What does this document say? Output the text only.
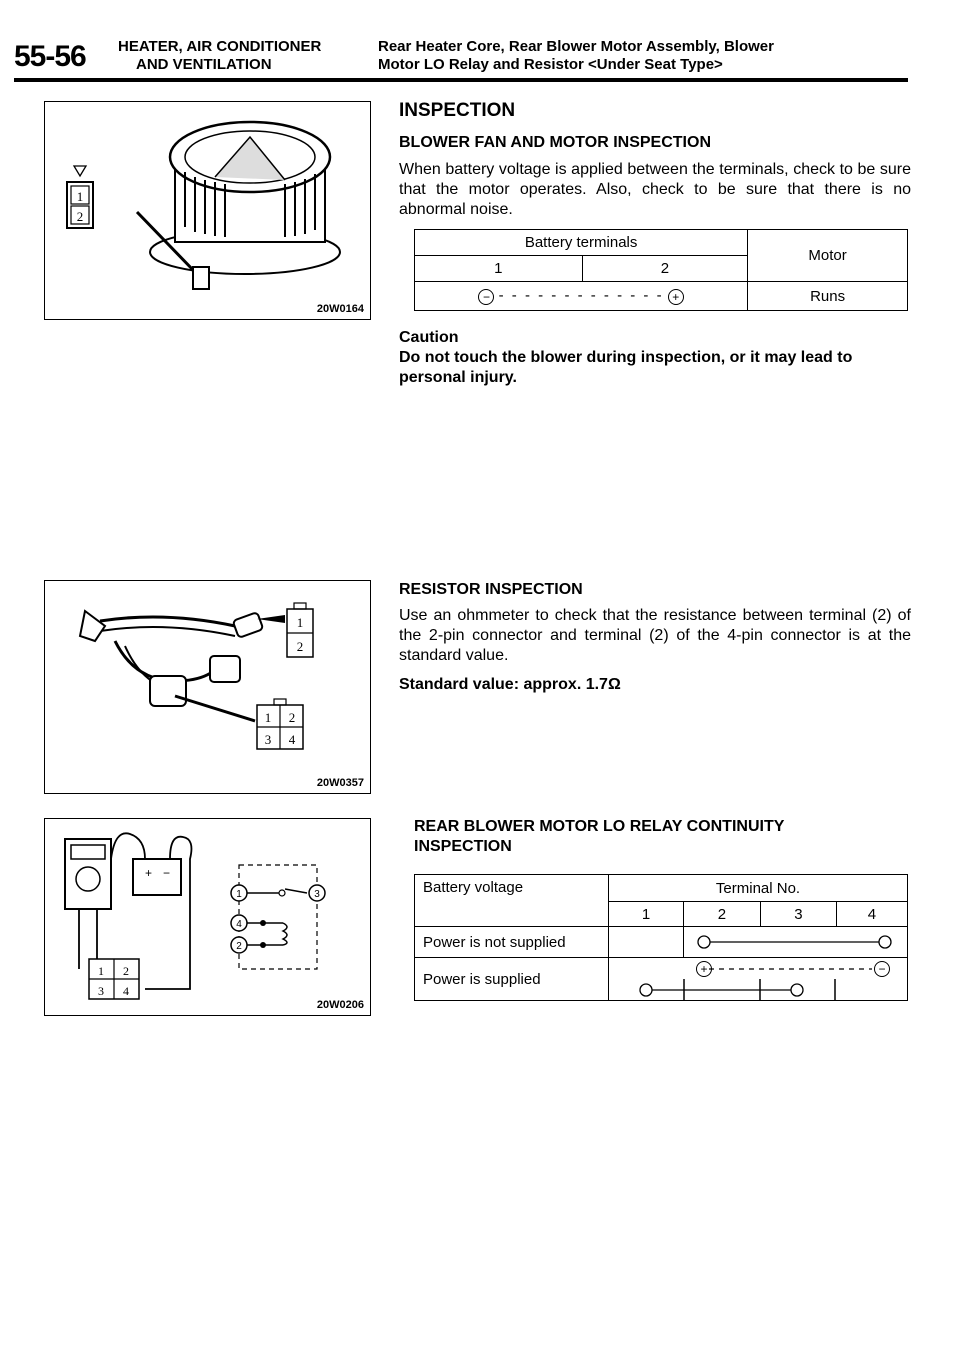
55-56 HEATER, AIR CONDITIONER
AND VENTILATION
Rear Heater Core, Rear Blower Motor Assembly, Blower
Motor LO Relay and Resistor <Under Seat Type>
1
2
20W0164
1
2
1 2
3 4
20W0357
+ −
1 2
3 4
1	3
4
2
20W0206
INSPECTION
BLOWER FAN AND MOTOR INSPECTION

When battery voltage is applied between the terminals, check to be sure that the motor operates. Also, check to be sure that there is no abnormal noise.

Battery terminals		Motor
1	2	
− - - - - - - - - - - - - - +		Runs
Caution

Do not touch the blower during inspection, or it may lead to personal injury.

RESISTOR INSPECTION

Use an ohmmeter to check that the resistance between terminal (2) of the 2-pin connector and terminal (2) of the 4-pin connector is at the standard value.

Standard value: approx. 1.7Ω

REAR BLOWER MOTOR LO RELAY CONTINUITY
INSPECTION
Battery voltage	Terminal No.			
	1	2	3	4
Power is not supplied		

Power is supplied	+ −			
